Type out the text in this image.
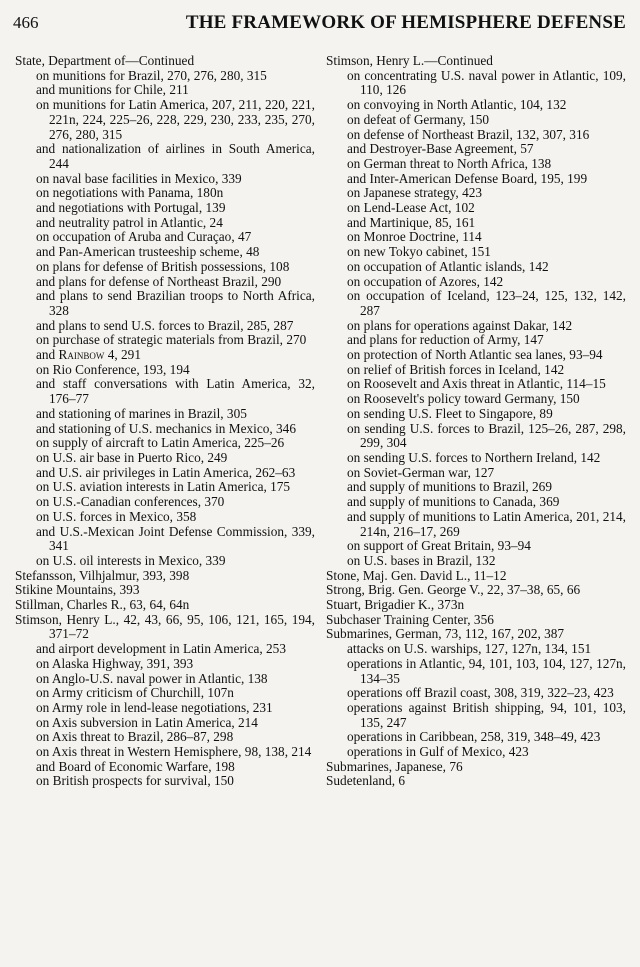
466	THE FRAMEWORK OF HEMISPHERE DEFENSE

State, Department of—Continued

on munitions for Brazil, 270, 276, 280, 315

and munitions for Chile, 211

on munitions for Latin America, 207, 211, 220, 221, 221n, 224, 225–26, 228, 229, 230, 233, 235, 270, 276, 280, 315

and nationalization of airlines in South America, 244

on naval base facilities in Mexico, 339

on negotiations with Panama, 180n

and negotiations with Portugal, 139

and neutrality patrol in Atlantic, 24

on occupation of Aruba and Curaçao, 47

and Pan-American trusteeship scheme, 48

on plans for defense of British possessions, 108

and plans for defense of Northeast Brazil, 290

and plans to send Brazilian troops to North Africa, 328

and plans to send U.S. forces to Brazil, 285, 287

on purchase of strategic materials from Brazil, 270

and Rainbow 4, 291

on Rio Conference, 193, 194

and staff conversations with Latin America, 32, 176–77

and stationing of marines in Brazil, 305

and stationing of U.S. mechanics in Mexico, 346

on supply of aircraft to Latin America, 225–26

on U.S. air base in Puerto Rico, 249

and U.S. air privileges in Latin America, 262–63

on U.S. aviation interests in Latin America, 175

on U.S.-Canadian conferences, 370

on U.S. forces in Mexico, 358

and U.S.-Mexican Joint Defense Commission, 339, 341

on U.S. oil interests in Mexico, 339

Stefansson, Vilhjalmur, 393, 398

Stikine Mountains, 393

Stillman, Charles R., 63, 64, 64n

Stimson, Henry L., 42, 43, 66, 95, 106, 121, 165, 194, 371–72

and airport development in Latin America, 253

on Alaska Highway, 391, 393

on Anglo-U.S. naval power in Atlantic, 138

on Army criticism of Churchill, 107n

on Army role in lend-lease negotiations, 231

on Axis subversion in Latin America, 214

on Axis threat to Brazil, 286–87, 298

on Axis threat in Western Hemisphere, 98, 138, 214

and Board of Economic Warfare, 198

on British prospects for survival, 150

Stimson, Henry L.—Continued

on concentrating U.S. naval power in Atlantic, 109, 110, 126

on convoying in North Atlantic, 104, 132

on defeat of Germany, 150

on defense of Northeast Brazil, 132, 307, 316

and Destroyer-Base Agreement, 57

on German threat to North Africa, 138

and Inter-American Defense Board, 195, 199

on Japanese strategy, 423

on Lend-Lease Act, 102

and Martinique, 85, 161

on Monroe Doctrine, 114

on new Tokyo cabinet, 151

on occupation of Atlantic islands, 142

on occupation of Azores, 142

on occupation of Iceland, 123–24, 125, 132, 142, 287

on plans for operations against Dakar, 142

and plans for reduction of Army, 147

on protection of North Atlantic sea lanes, 93–94

on relief of British forces in Iceland, 142

on Roosevelt and Axis threat in Atlantic, 114–15

on Roosevelt's policy toward Germany, 150

on sending U.S. Fleet to Singapore, 89

on sending U.S. forces to Brazil, 125–26, 287, 298, 299, 304

on sending U.S. forces to Northern Ireland, 142

on Soviet-German war, 127

and supply of munitions to Brazil, 269

and supply of munitions to Canada, 369

and supply of munitions to Latin America, 201, 214, 214n, 216–17, 269

on support of Great Britain, 93–94

on U.S. bases in Brazil, 132

Stone, Maj. Gen. David L., 11–12

Strong, Brig. Gen. George V., 22, 37–38, 65, 66

Stuart, Brigadier K., 373n

Subchaser Training Center, 356

Submarines, German, 73, 112, 167, 202, 387

attacks on U.S. warships, 127, 127n, 134, 151

operations in Atlantic, 94, 101, 103, 104, 127, 127n, 134–35

operations off Brazil coast, 308, 319, 322–23, 423

operations against British shipping, 94, 101, 103, 135, 247

operations in Caribbean, 258, 319, 348–49, 423

operations in Gulf of Mexico, 423

Submarines, Japanese, 76

Sudetenland, 6
